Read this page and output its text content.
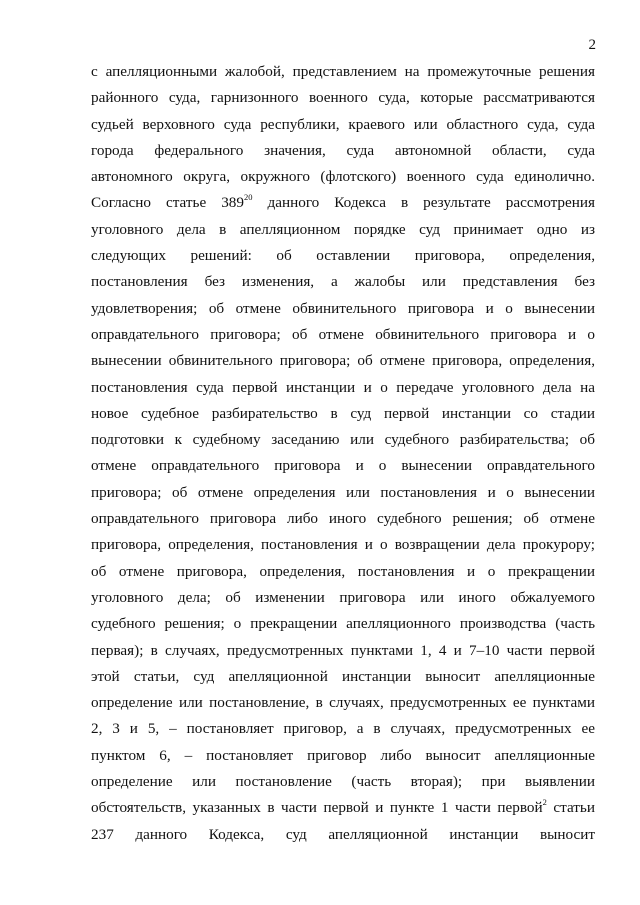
2
с апелляционными жалобой, представлением на промежуточные решения
районного суда, гарнизонного военного суда, которые рассматриваются
судьей верховного суда республики, краевого или областного суда, суда
города федерального значения, суда автономной области, суда
автономного округа, окружного (флотского) военного суда единолично.
Согласно статье $389^{20}$ данного Кодекса в результате рассмотрения
уголовного дела в апелляционном порядке суд принимает одно из
следующих решений: об оставлении приговора, определения,
постановления без изменения, а жалобы или представления без
удовлетворения; об отмене обвинительного приговора и о вынесении
оправдательного приговора; об отмене обвинительного приговора и о
вынесении обвинительного приговора; об отмене приговора, определения,
постановления суда первой инстанции и о передаче уголовного дела на
новое судебное разбирательство в суд первой инстанции со стадии
подготовки к судебному заседанию или судебного разбирательства; об
отмене оправдательного приговора и о вынесении оправдательного
приговора; об отмене определения или постановления и о вынесении
оправдательного приговора либо иного судебного решения; об отмене
приговора, определения, постановления и о возвращении дела прокурору;
об отмене приговора, определения, постановления и о прекращении
уголовного дела; об изменении приговора или иного обжалуемого
судебного решения; о прекращении апелляционного производства (часть
первая); в случаях, предусмотренных пунктами 1, 4 и 7–10 части первой
этой статьи, суд апелляционной инстанции выносит апелляционные
определение или постановление, в случаях, предусмотренных ее пунктами
2, 3 и 5, – постановляет приговор, а в случаях, предусмотренных ее
пунктом 6, – постановляет приговор либо выносит апелляционные
определение или постановление (часть вторая); при выявлении
обстоятельств, указанных в части первой и пункте 1 части первой$^2$ статьи
237 данного Кодекса, суд апелляционной инстанции выносит
